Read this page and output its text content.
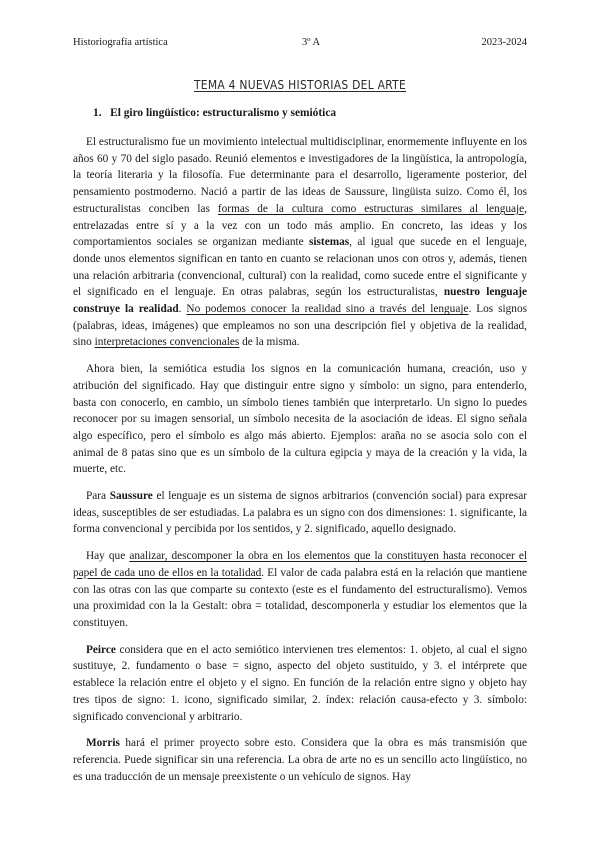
Historiografía artística	3º A	2023-2024
TEMA 4 NUEVAS HISTORIAS DEL ARTE
1. El giro lingüístico: estructuralismo y semiótica

El estructuralismo fue un movimiento intelectual multidisciplinar, enormemente influyente en los años 60 y 70 del siglo pasado. Reunió elementos e investigadores de la lingüística, la antropología, la teoría literaria y la filosofía. Fue determinante para el desarrollo, ligeramente posterior, del pensamiento postmoderno. Nació a partir de las ideas de Saussure, lingüista suizo. Como él, los estructuralistas conciben las formas de la cultura como estructuras similares al lenguaje, entrelazadas entre sí y a la vez con un todo más amplio. En concreto, las ideas y los comportamientos sociales se organizan mediante sistemas, al igual que sucede en el lenguaje, donde unos elementos significan en tanto en cuanto se relacionan unos con otros y, además, tienen una relación arbitraria (convencional, cultural) con la realidad, como sucede entre el significante y el significado en el lenguaje. En otras palabras, según los estructuralistas, nuestro lenguaje construye la realidad. No podemos conocer la realidad sino a través del lenguaje. Los signos (palabras, ideas, imágenes) que empleamos no son una descripción fiel y objetiva de la realidad, sino interpretaciones convencionales de la misma.

Ahora bien, la semiótica estudia los signos en la comunicación humana, creación, uso y atribución del significado. Hay que distinguir entre signo y símbolo: un signo, para entenderlo, basta con conocerlo, en cambio, un símbolo tienes también que interpretarlo. Un signo lo puedes reconocer por su imagen sensorial, un símbolo necesita de la asociación de ideas. El signo señala algo específico, pero el símbolo es algo más abierto. Ejemplos: araña no se asocia solo con el animal de 8 patas sino que es un símbolo de la cultura egipcia y maya de la creación y la vida, la muerte, etc.

Para Saussure el lenguaje es un sistema de signos arbitrarios (convención social) para expresar ideas, susceptibles de ser estudiadas. La palabra es un signo con dos dimensiones: 1. significante, la forma convencional y percibida por los sentidos, y 2. significado, aquello designado.

Hay que analizar, descomponer la obra en los elementos que la constituyen hasta reconocer el papel de cada uno de ellos en la totalidad. El valor de cada palabra está en la relación que mantiene con las otras con las que comparte su contexto (este es el fundamento del estructuralismo). Vemos una proximidad con la la Gestalt: obra = totalidad, descomponerla y estudiar los elementos que la constituyen.

Peirce considera que en el acto semiótico intervienen tres elementos: 1. objeto, al cual el signo sustituye, 2. fundamento o base = signo, aspecto del objeto sustituido, y 3. el intérprete que establece la relación entre el objeto y el signo. En función de la relación entre signo y objeto hay tres tipos de signo: 1. icono, significado similar, 2. índex: relación causa-efecto y 3. símbolo: significado convencional y arbitrario.

Morris hará el primer proyecto sobre esto. Considera que la obra es más transmisión que referencia. Puede significar sin una referencia. La obra de arte no es un sencillo acto lingüístico, no es una traducción de un mensaje preexistente o un vehículo de signos. Hay
